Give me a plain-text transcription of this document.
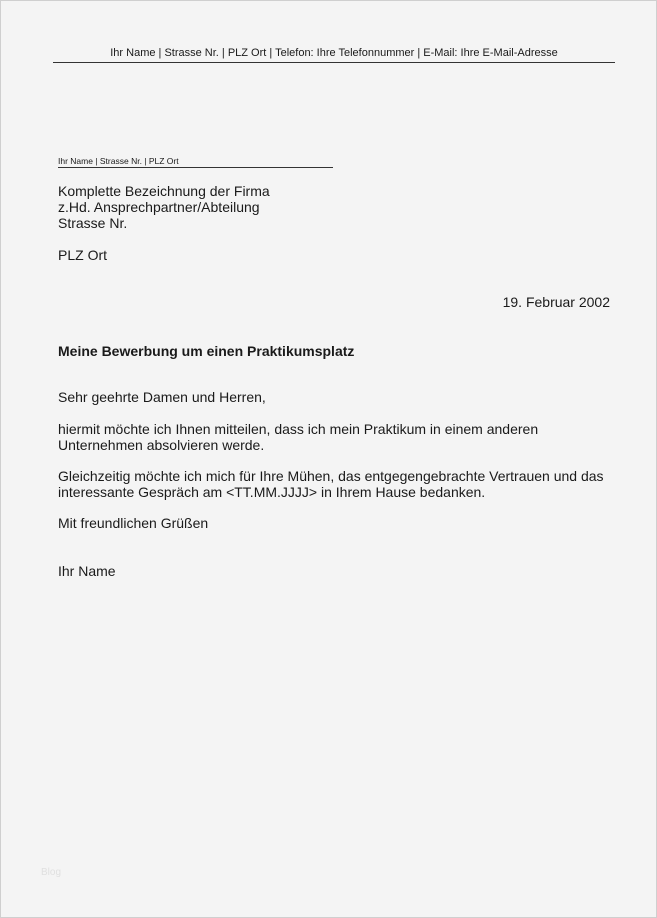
Ihr Name | Strasse Nr. | PLZ Ort | Telefon: Ihre Telefonnummer | E-Mail: Ihre E-Mail-Adresse
Ihr Name | Strasse Nr. | PLZ Ort
Komplette Bezeichnung der Firma
z.Hd. Ansprechpartner/Abteilung
Strasse Nr.
PLZ Ort
19. Februar 2002
Meine Bewerbung um einen Praktikumsplatz
Sehr geehrte Damen und Herren,
hiermit möchte ich Ihnen mitteilen, dass ich mein Praktikum in einem anderen
Unternehmen absolvieren werde.
Gleichzeitig möchte ich mich für Ihre Mühen, das entgegengebrachte Vertrauen und das
interessante Gespräch am <TT.MM.JJJJ> in Ihrem Hause bedanken.
Mit freundlichen Grüßen
Ihr Name
Blog
